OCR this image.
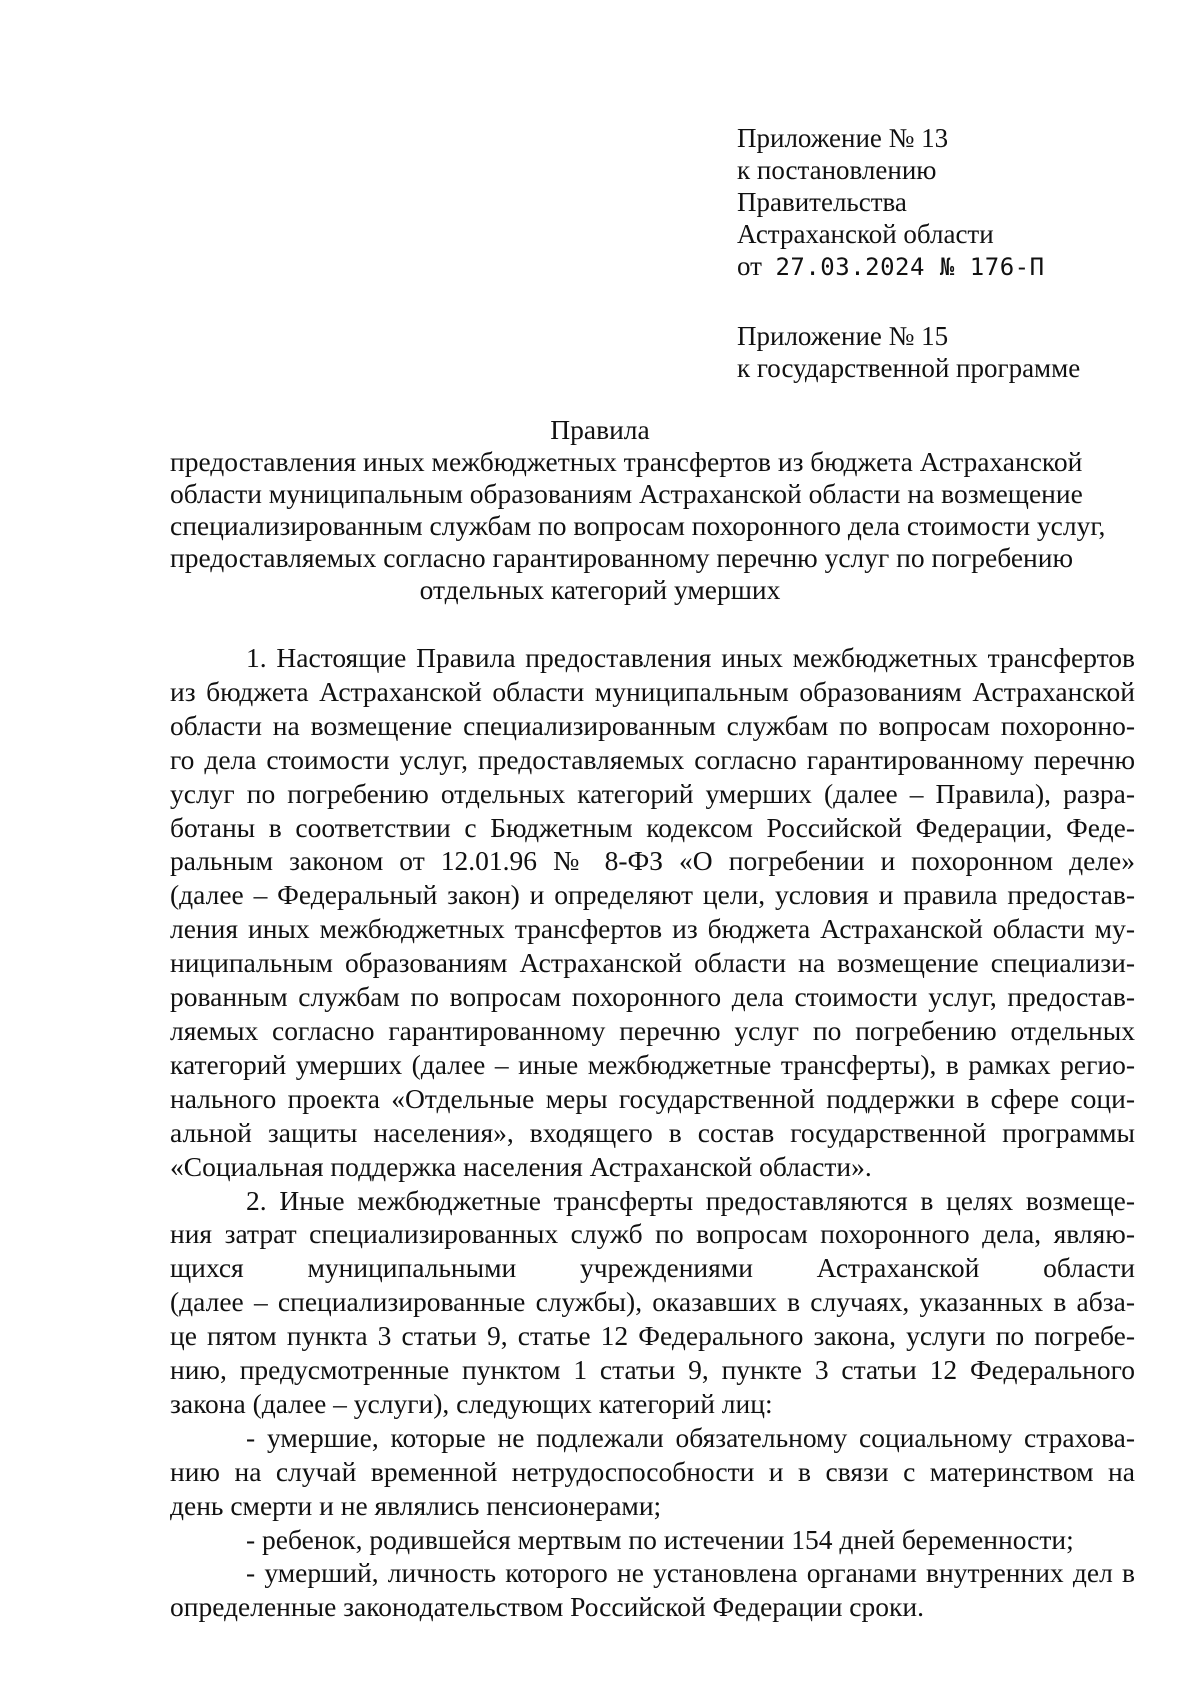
Приложение № 13
к постановлению
Правительства
Астраханской области
от 27.03.2024 № 176-П
Приложение № 15
к государственной программе
Правила
предоставления иных межбюджетных трансфертов из бюджета Астраханской
области муниципальным образованиям Астраханской области на возмещение
специализированным службам по вопросам похоронного дела стоимости услуг,
предоставляемых согласно гарантированному перечню услуг по погребению
отдельных категорий умерших
1. Настоящие Правила предоставления иных межбюджетных трансфертов
из бюджета Астраханской области муниципальным образованиям Астраханской
области на возмещение специализированным службам по вопросам похоронно-
го дела стоимости услуг, предоставляемых согласно гарантированному перечню
услуг по погребению отдельных категорий умерших (далее – Правила), разра-
ботаны в соответствии с Бюджетным кодексом Российской Федерации, Феде-
ральным законом от 12.01.96 № 8-ФЗ «О погребении и похоронном деле»
(далее – Федеральный закон) и определяют цели, условия и правила предостав-
ления иных межбюджетных трансфертов из бюджета Астраханской области му-
ниципальным образованиям Астраханской области на возмещение специализи-
рованным службам по вопросам похоронного дела стоимости услуг, предостав-
ляемых согласно гарантированному перечню услуг по погребению отдельных
категорий умерших (далее – иные межбюджетные трансферты), в рамках регио-
нального проекта «Отдельные меры государственной поддержки в сфере соци-
альной защиты населения», входящего в состав государственной программы
«Социальная поддержка населения Астраханской области».
2. Иные межбюджетные трансферты предоставляются в целях возмеще-
ния затрат специализированных служб по вопросам похоронного дела, являю-
щихся муниципальными учреждениями Астраханской области
(далее – специализированные службы), оказавших в случаях, указанных в абза-
це пятом пункта 3 статьи 9, статье 12 Федерального закона, услуги по погребе-
нию, предусмотренные пунктом 1 статьи 9, пункте 3 статьи 12 Федерального
закона (далее – услуги), следующих категорий лиц:
- умершие, которые не подлежали обязательному социальному страхова-
нию на случай временной нетрудоспособности и в связи с материнством на
день смерти и не являлись пенсионерами;
- ребенок, родившейся мертвым по истечении 154 дней беременности;
- умерший, личность которого не установлена органами внутренних дел в
определенные законодательством Российской Федерации сроки.
